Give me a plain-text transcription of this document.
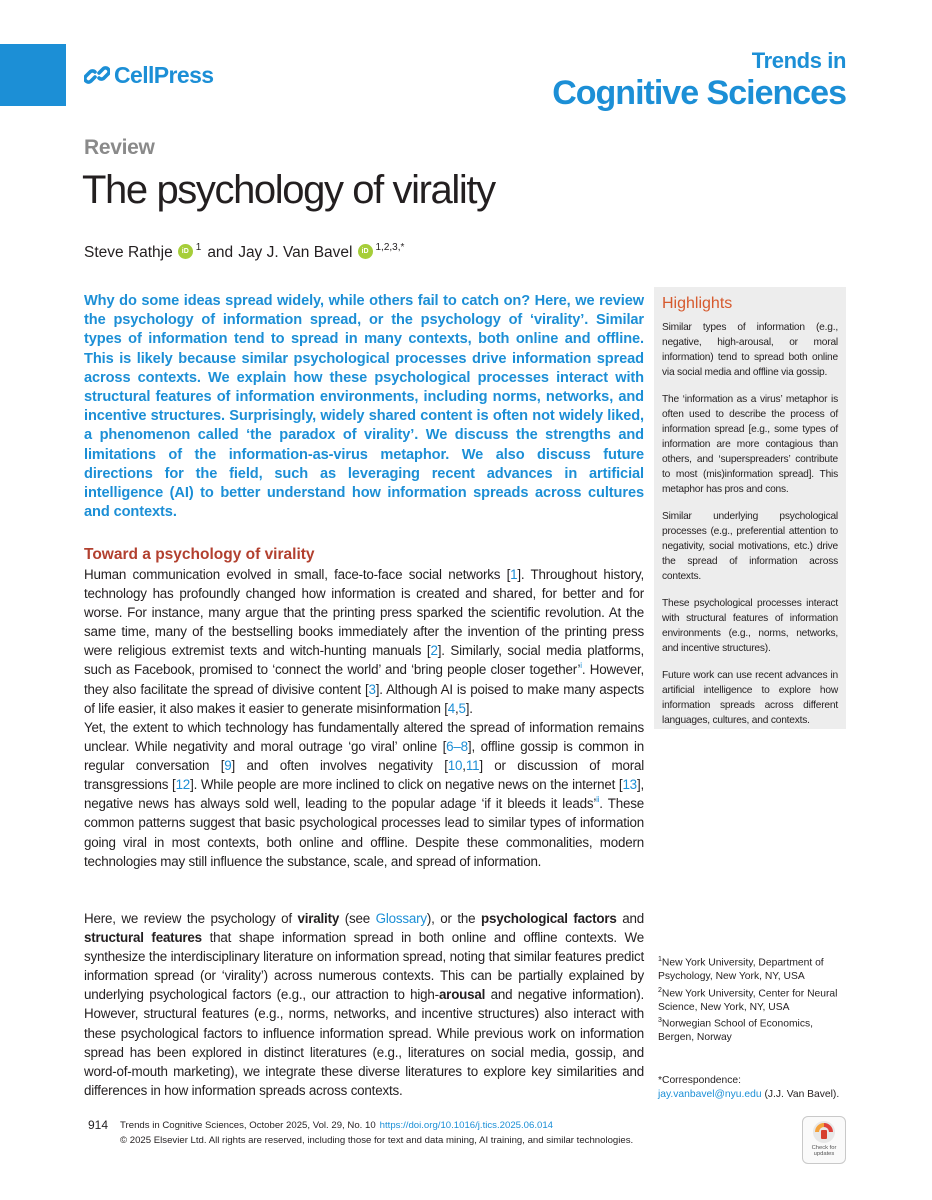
CellPress
Trends in
Cognitive Sciences
Review
The psychology of virality
Steve Rathje	iD $^1$ and Jay J. Van Bavel	iD $^{1,2,3,*}$

Why do some ideas spread widely, while others fail to catch on? Here, we review the psychology of information spread, or the psychology of ‘virality’. Similar types of information tend to spread in many contexts, both online and offline. This is likely because similar psychological processes drive information spread across contexts. We explain how these psychological processes interact with structural features of information environments, including norms, networks, and incentive structures. Surprisingly, widely shared content is often not widely liked, a phenomenon called ‘the paradox of virality’. We discuss the strengths and limitations of the information-as-virus metaphor. We also discuss future directions for the field, such as leveraging recent advances in artificial intelligence (AI) to better understand how information spreads across cultures and contexts.

Highlights

Similar types of information (e.g., negative, high-arousal, or moral information) tend to spread both online via social media and offline via gossip.

The ‘information as a virus’ metaphor is often used to describe the process of information spread [e.g., some types of information are more contagious than others, and ‘superspreaders’ contribute to most (mis)information spread]. This metaphor has pros and cons.

Similar underlying psychological processes (e.g., preferential attention to negativity, social motivations, etc.) drive the spread of information across contexts.

These psychological processes interact with structural features of information environments (e.g., norms, networks, and incentive structures).

Future work can use recent advances in artificial intelligence to explore how information spreads across different languages, cultures, and contexts.

Toward a psychology of virality

Human communication evolved in small, face-to-face social networks [1]. Throughout history, technology has profoundly changed how information is created and shared, for better and for worse. For instance, many argue that the printing press sparked the scientific revolution. At the same time, many of the bestselling books immediately after the invention of the printing press were religious extremist texts and witch-hunting manuals [2]. Similarly, social media platforms, such as Facebook, promised to ‘connect the world’ and ‘bring people closer together’$^i$. However, they also facilitate the spread of divisive content [3]. Although AI is poised to make many aspects of life easier, it also makes it easier to generate misinformation [4,5].

Yet, the extent to which technology has fundamentally altered the spread of information remains unclear. While negativity and moral outrage ‘go viral’ online [6–8], offline gossip is common in regular conversation [9] and often involves negativity [10,11] or discussion of moral transgressions [12]. While people are more inclined to click on negative news on the internet [13], negative news has always sold well, leading to the popular adage ‘if it bleeds it leads’$^{ii}$. These common patterns suggest that basic psychological processes lead to similar types of information going viral in most contexts, both online and offline. Despite these commonalities, modern technologies may still influence the substance, scale, and spread of information.

Here, we review the psychology of virality (see Glossary), or the psychological factors and structural features that shape information spread in both online and offline contexts. We synthesize the interdisciplinary literature on information spread, noting that similar features predict information spread (or ‘virality’) across numerous contexts. This can be partially explained by underlying psychological factors (e.g., our attraction to high-arousal and negative information). However, structural features (e.g., norms, networks, and incentive structures) also interact with these psychological factors to influence information spread. While previous work on information spread has been explored in distinct literatures (e.g., literatures on social media, gossip, and word-of-mouth marketing), we integrate these diverse literatures to explore key similarities and differences in how information spreads across contexts.

$^1$New York University, Department of Psychology, New York, NY, USA
$^2$New York University, Center for Neural Science, New York, NY, USA
$^3$Norwegian School of Economics, Bergen, Norway
*Correspondence:
jay.vanbavel@nyu.edu (J.J. Van Bavel).
914 Trends in Cognitive Sciences, October 2025, Vol. 29, No. 10 https://doi.org/10.1016/j.tics.2025.06.014
© 2025 Elsevier Ltd. All rights are reserved, including those for text and data mining, AI training, and similar technologies.
Check for
updates
